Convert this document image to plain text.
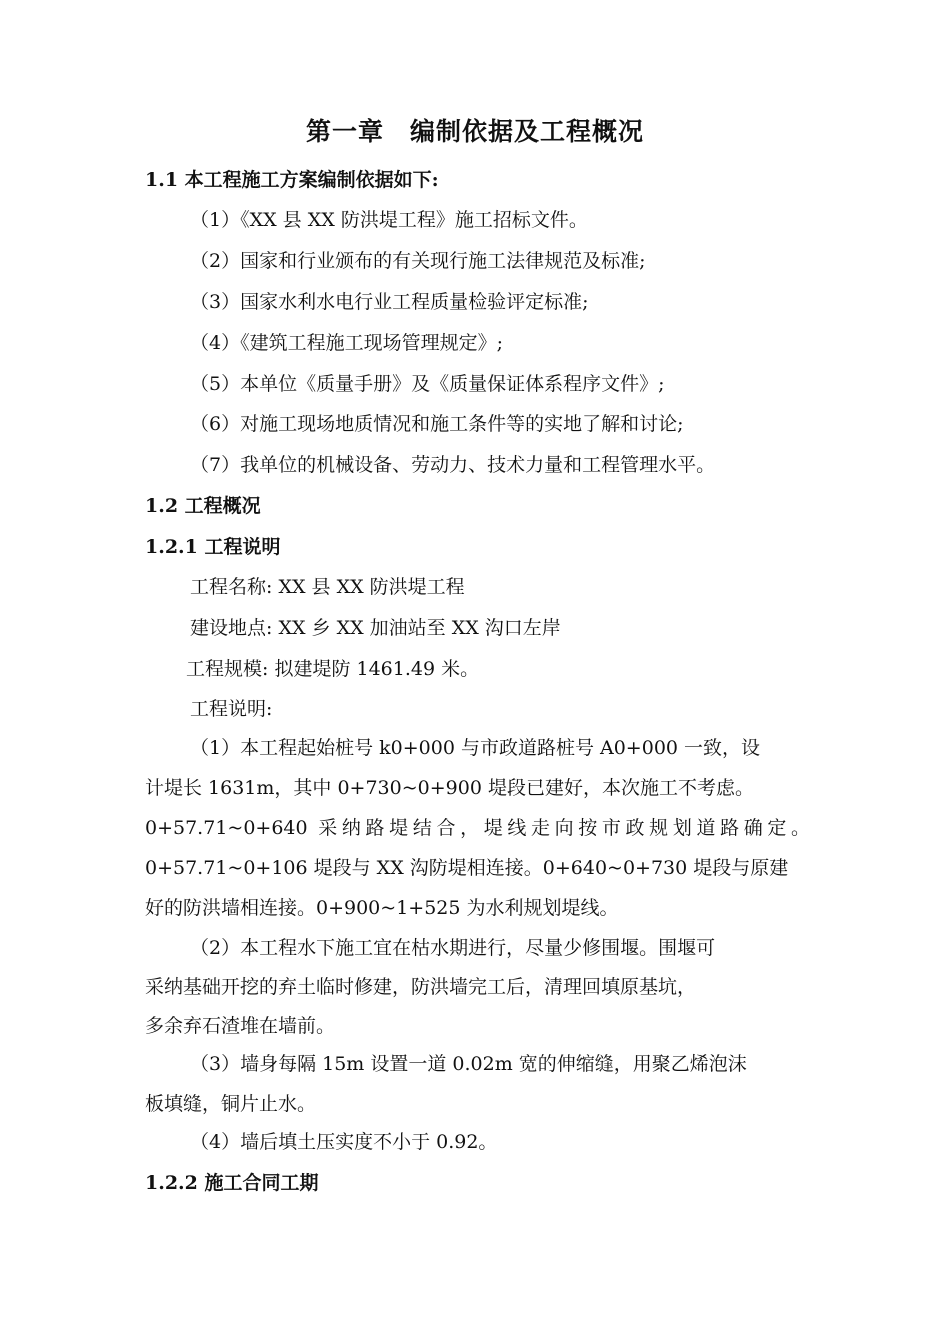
第一章　编制依据及工程概况
1.1 本工程施工方案编制依据如下:
（1）《XX 县 XX 防洪堤工程》施工招标文件。
（2）国家和行业颁布的有关现行施工法律规范及标准;
（3）国家水利水电行业工程质量检验评定标准;
（4）《建筑工程施工现场管理规定》;
（5）本单位《质量手册》及《质量保证体系程序文件》;
（6）对施工现场地质情况和施工条件等的实地了解和讨论;
（7）我单位的机械设备、劳动力、技术力量和工程管理水平。
1.2 工程概况
1.2.1 工程说明
工程名称: XX 县 XX 防洪堤工程
建设地点: XX 乡 XX 加油站至 XX 沟口左岸
工程规模: 拟建堤防 1461.49 米。
工程说明:
（1）本工程起始桩号 k0+000 与市政道路桩号 A0+000 一致，设
计堤长 1631m，其中 0+730~0+900 堤段已建好，本次施工不考虑。
0+57.71~0+640 采纳路堤结合，堤线走向按市政规划道路确定。
0+57.71~0+106 堤段与 XX 沟防堤相连接。0+640~0+730 堤段与原建
好的防洪墙相连接。0+900~1+525 为水利规划堤线。
（2）本工程水下施工宜在枯水期进行，尽量少修围堰。围堰可
采纳基础开挖的弃土临时修建，防洪墙完工后，清理回填原基坑，
多余弃石渣堆在墙前。
（3）墙身每隔 15m 设置一道 0.02m 宽的伸缩缝，用聚乙烯泡沫
板填缝，铜片止水。
（4）墙后填土压实度不小于 0.92。
1.2.2 施工合同工期
